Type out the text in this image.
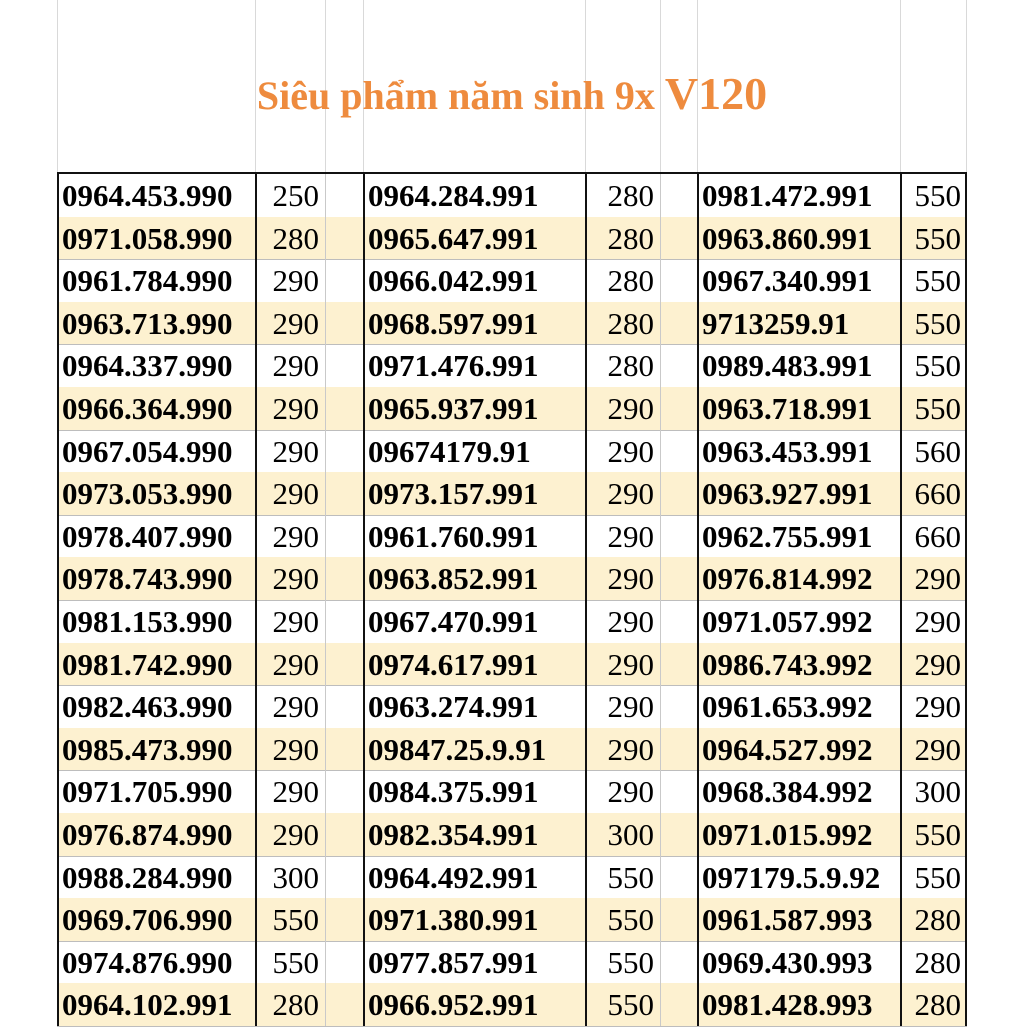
Siêu phẩm năm sinh 9x V120
0964.453.990	250 0964.284.991	280 0981.472.991	550
0971.058.990	280 0965.647.991	280 0963.860.991	550
0961.784.990	290 0966.042.991	280 0967.340.991	550
0963.713.990	290 0968.597.991	280 9713259.91	550
0964.337.990	290 0971.476.991	280 0989.483.991	550
0966.364.990	290 0965.937.991	290 0963.718.991	550
0967.054.990	290 09674179.91	290 0963.453.991	560
0973.053.990	290 0973.157.991	290 0963.927.991	660
0978.407.990	290 0961.760.991	290 0962.755.991	660
0978.743.990	290 0963.852.991	290 0976.814.992	290
0981.153.990	290 0967.470.991	290 0971.057.992	290
0981.742.990	290 0974.617.991	290 0986.743.992	290
0982.463.990	290 0963.274.991	290 0961.653.992	290
0985.473.990	290 09847.25.9.91	290 0964.527.992	290
0971.705.990	290 0984.375.991	290 0968.384.992	300
0976.874.990	290 0982.354.991	300 0971.015.992	550
0988.284.990	300 0964.492.991	550 097179.5.9.92	550
0969.706.990	550 0971.380.991	550 0961.587.993	280
0974.876.990	550 0977.857.991	550 0969.430.993	280
0964.102.991	280 0966.952.991	550 0981.428.993	280
